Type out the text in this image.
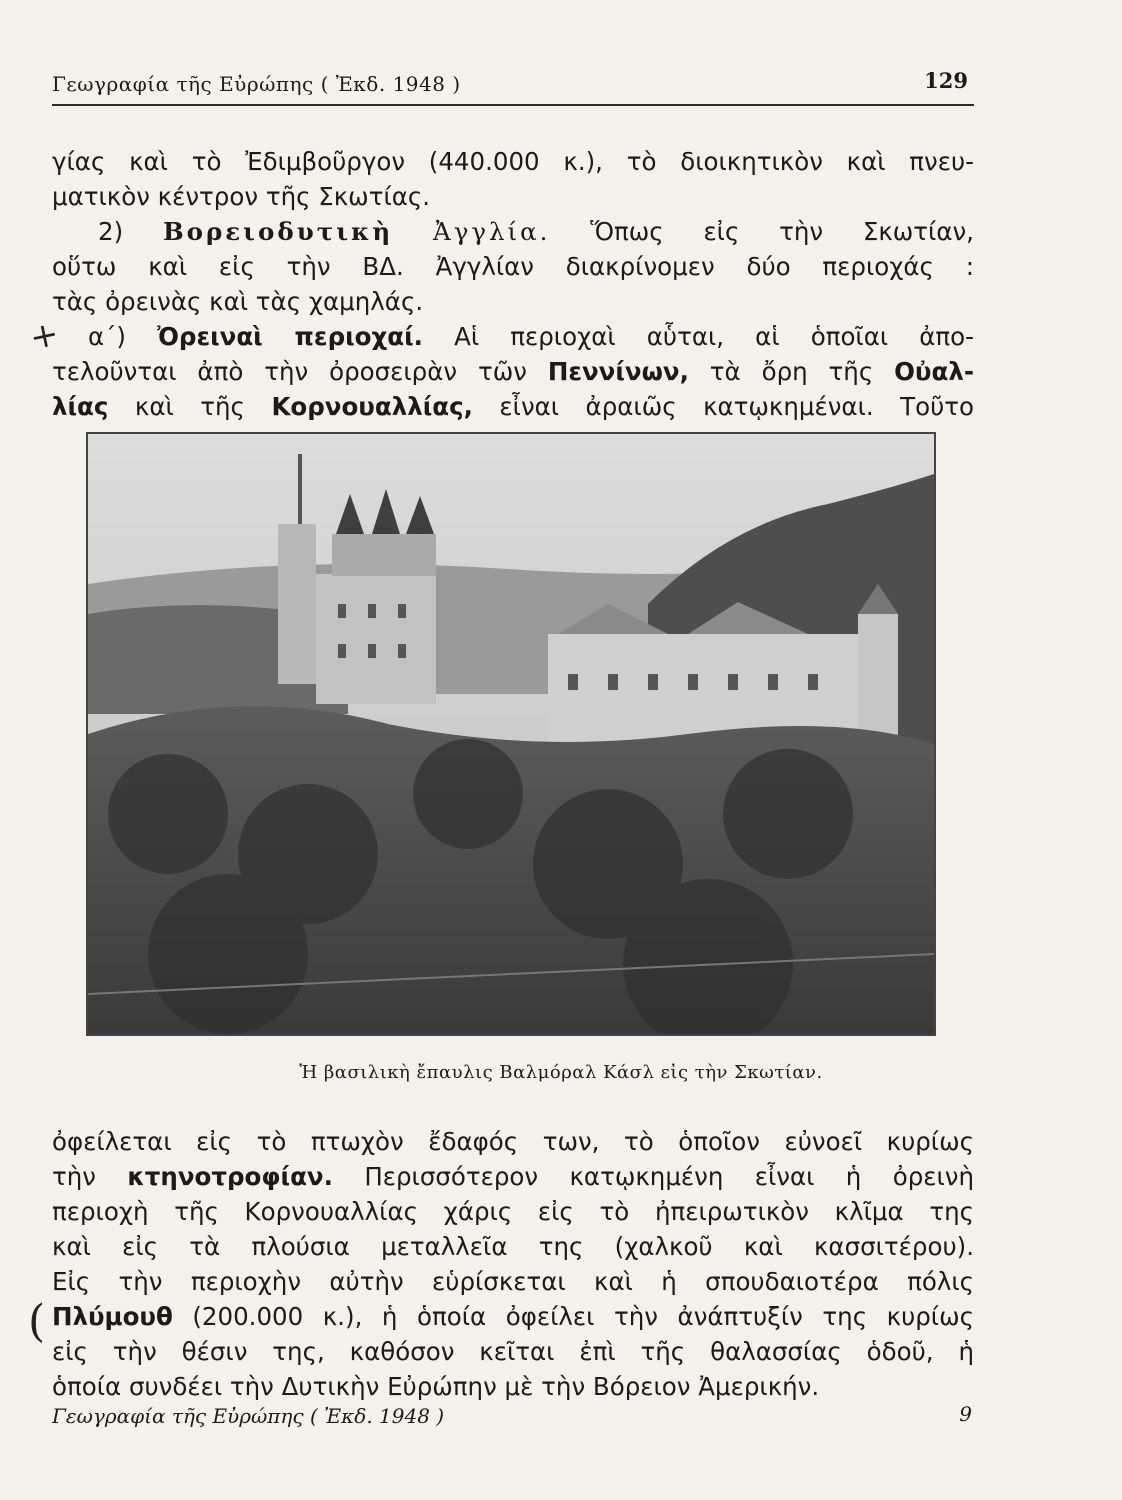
Γεωγραφία τῆς Εὐρώπης ( Ἐκδ. 1948 )	129
γίας καὶ τὸ Ἐδιμβοῦργον (440.000 κ.), τὸ διοικητικὸν καὶ πνευ-
ματικὸν κέντρον τῆς Σκωτίας.
2) Βορειοδυτικὴ Ἀγγλία. Ὅπως εἰς τὴν Σκωτίαν,
οὕτω καὶ εἰς τὴν ΒΔ. Ἀγγλίαν διακρίνομεν δύο περιοχάς :
τὰς ὀρεινὰς καὶ τὰς χαμηλάς.
α΄) Ὀρειναὶ περιοχαί. Αἱ περιοχαὶ αὗται, αἱ ὁποῖαι ἀπο-
τελοῦνται ἀπὸ τὴν ὀροσειρὰν τῶν Πεννίνων, τὰ ὄρη τῆς Οὐαλ-
λίας καὶ τῆς Κορνουαλλίας, εἶναι ἀραιῶς κατῳκημέναι. Τοῦτο
+
Ἡ βασιλικὴ ἔπαυλις Βαλμόραλ Κάσλ εἰς τὴν Σκωτίαν.
ὀφείλεται εἰς τὸ πτωχὸν ἔδαφός των, τὸ ὁποῖον εὐνοεῖ κυρίως
τὴν κτηνοτροφίαν. Περισσότερον κατῳκημένη εἶναι ἡ ὀρεινὴ
περιοχὴ τῆς Κορνουαλλίας χάρις εἰς τὸ ἠπειρωτικὸν κλῖμα της
καὶ εἰς τὰ πλούσια μεταλλεῖα της (χαλκοῦ καὶ κασσιτέρου).
Εἰς τὴν περιοχὴν αὐτὴν εὑρίσκεται καὶ ἡ σπουδαιοτέρα πόλις
Πλύμουθ (200.000 κ.), ἡ ὁποία ὀφείλει τὴν ἀνάπτυξίν της κυρίως
εἰς τὴν θέσιν της, καθόσον κεῖται ἐπὶ τῆς θαλασσίας ὁδοῦ, ἡ
ὁποία συνδέει τὴν Δυτικὴν Εὐρώπην μὲ τὴν Βόρειον Ἀμερικήν.
(
Γεωγραφία τῆς Εὐρώπης ( Ἐκδ. 1948 )	9
